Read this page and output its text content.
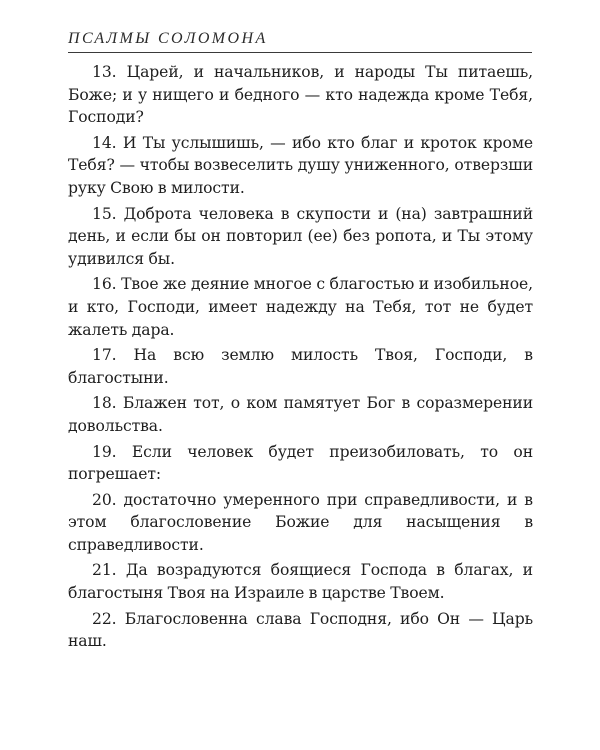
ПСАЛМЫ СОЛОМОНА

13. Царей, и начальников, и народы Ты питаешь, Боже; и у нищего и бедного — кто надежда кроме Тебя, Господи?

14. И Ты услышишь, — ибо кто благ и кроток кроме Тебя? — чтобы возвеселить душу униженного, отверзши руку Свою в милости.

15. Доброта человека в скупости и (на) завтрашний день, и если бы он повторил (ее) без ропота, и Ты этому удивился бы.

16. Твое же деяние многое с благостью и изобильное, и кто, Господи, имеет надежду на Тебя, тот не будет жалеть дара.

17. На всю землю милость Твоя, Господи, в благостыни.

18. Блажен тот, о ком памятует Бог в соразмерении довольства.

19. Если человек будет преизобиловать, то он погрешает:

20. достаточно умеренного при справедливости, и в этом благословение Божие для насыщения в справедливости.

21. Да возрадуются боящиеся Господа в благах, и благостыня Твоя на Израиле в царстве Твоем.

22. Благословенна слава Господня, ибо Он — Царь наш.
